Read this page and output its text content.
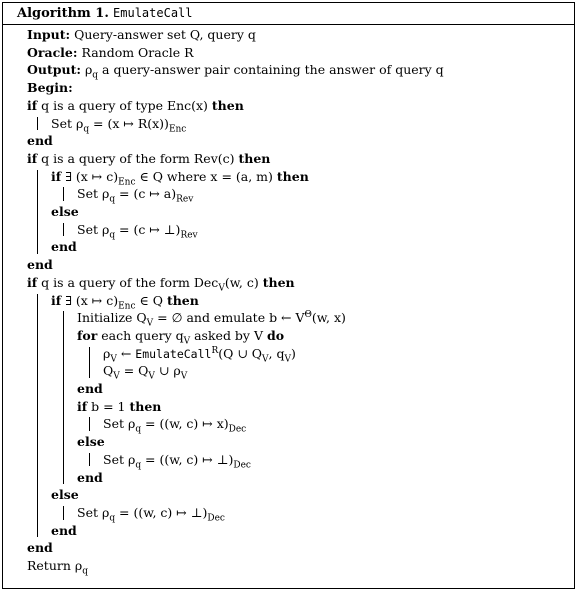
Algorithm 1. EmulateCall
Input: Query-answer set Q, query q
Oracle: Random Oracle R
Output: $\rho_q$ a query-answer pair containing the answer of query q
Begin:
if q is a query of type Enc(x) then
Set $\rho_q = (x$ ↦ $R(x))_{Enc}$
end
if q is a query of the form Rev(c) then
if ∃ (x ↦ $c)_{Enc}$ ∈ Q where x = (a, m) then
Set $\rho_q = (c$ ↦ $a)_{Rev}$
else
Set $\rho_q = (c$ ↦ $\perp)_{Rev}$
end
end
if q is a query of the form Dec$_V$(w, c) then
if ∃ (x ↦ $c)_{Enc}$ ∈ Q then
Initialize $Q_V$ = ∅ and emulate b ← $V^\Theta(w$, x)
for each query $q_V$ asked by V do
$\rho_V$ ← EmulateCall$^R$(Q ∪ $Q_V$, $q_V$)
$Q_V = Q_V$ ∪ $\rho_V$
end
if b = 1 then
Set $\rho_q = ((w$, c) ↦ $x)_{Dec}$
else
Set $\rho_q = ((w$, c) ↦ $\perp)_{Dec}$
end
else
Set $\rho_q = ((w$, c) ↦ $\perp)_{Dec}$
end
end
Return $\rho_q$
